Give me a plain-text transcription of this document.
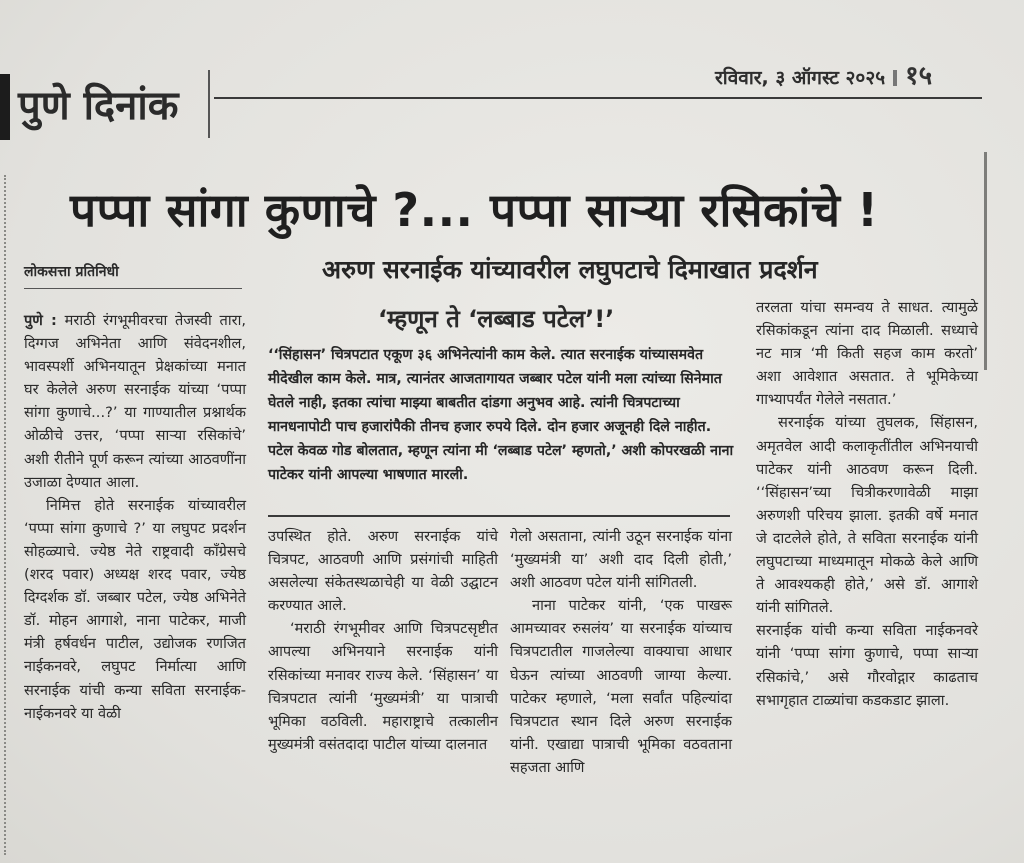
पुणे दिनांक
रविवार, ३ ऑगस्ट २०२५ १५
पप्पा सांगा कुणाचे ?... पप्पा साऱ्या रसिकांचे !
लोकसत्ता प्रतिनिधी	अरुण सरनाईक यांच्यावरील लघुपटाचे दिमाखात प्रदर्शन
‘म्हणून ते ‘लब्बाड पटेल’!’
‘‘सिंहासन’ चित्रपटात एकूण ३६ अभिनेत्यांनी काम केले. त्यात सरनाईक यांच्यासमवेत मीदेखील काम केले. मात्र, त्यानंतर आजतागायत जब्बार पटेल यांनी मला त्यांच्या सिनेमात घेतले नाही, इतका त्यांचा माझ्या बाबतीत दांडगा अनुभव आहे. त्यांनी चित्रपटाच्या मानधनापोटी पाच हजारांपैकी तीनच हजार रुपये दिले. दोन हजार अजूनही दिले नाहीत. पटेल केवळ गोड बोलतात, म्हणून त्यांना मी ‘लब्बाड पटेल’ म्हणतो,’ अशी कोपरखळी नाना पाटेकर यांनी आपल्या भाषणात मारली.

पुणे : मराठी रंगभूमीवरचा तेजस्वी तारा, दिग्गज अभिनेता आणि संवेदनशील, भावस्पर्शी अभिनयातून प्रेक्षकांच्या मनात घर केलेले अरुण सरनाईक यांच्या ‘पप्पा सांगा कुणाचे...?’ या गाण्यातील प्रश्नार्थक ओळीचे उत्तर, ‘पप्पा साऱ्या रसिकांचे’ अशी रीतीने पूर्ण करून त्यांच्या आठवणींना उजाळा देण्यात आला.

निमित्त होते सरनाईक यांच्यावरील ‘पप्पा सांगा कुणाचे ?’ या लघुपट प्रदर्शन सोहळ्याचे. ज्येष्ठ नेते राष्ट्रवादी काँग्रेसचे (शरद पवार) अध्यक्ष शरद पवार, ज्येष्ठ दिग्दर्शक डॉ. जब्बार पटेल, ज्येष्ठ अभिनेते डॉ. मोहन आगाशे, नाना पाटेकर, माजी मंत्री हर्षवर्धन पाटील, उद्योजक रणजित नाईकनवरे, लघुपट निर्मात्या आणि सरनाईक यांची कन्या सविता सरनाईक-नाईकनवरे या वेळी

उपस्थित होते. अरुण सरनाईक यांचे चित्रपट, आठवणी आणि प्रसंगांची माहिती असलेल्या संकेतस्थळाचेही या वेळी उद्घाटन करण्यात आले.

‘मराठी रंगभूमीवर आणि चित्रपटसृष्टीत आपल्या अभिनयाने सरनाईक यांनी रसिकांच्या मनावर राज्य केले. ‘सिंहासन’ या चित्रपटात त्यांनी ‘मुख्यमंत्री’ या पात्राची भूमिका वठविली. महाराष्ट्राचे तत्कालीन मुख्यमंत्री वसंतदादा पाटील यांच्या दालनात

गेलो असताना, त्यांनी उठून सरनाईक यांना ‘मुख्यमंत्री या’ अशी दाद दिली होती,’ अशी आठवण पटेल यांनी सांगितली.

नाना पाटेकर यांनी, ‘एक पाखरू आमच्यावर रुसलंय’ या सरनाईक यांच्याच चित्रपटातील गाजलेल्या वाक्याचा आधार घेऊन त्यांच्या आठवणी जाग्या केल्या. पाटेकर म्हणाले, ‘मला सर्वांत पहिल्यांदा चित्रपटात स्थान दिले अरुण सरनाईक यांनी. एखाद्या पात्राची भूमिका वठवताना सहजता आणि

तरलता यांचा समन्वय ते साधत. त्यामुळे रसिकांकडून त्यांना दाद मिळाली. सध्याचे नट मात्र ‘मी किती सहज काम करतो’ अशा आवेशात असतात. ते भूमिकेच्या गाभ्यापर्यंत गेलेले नसतात.’

सरनाईक यांच्या तुघलक, सिंहासन, अमृतवेल आदी कलाकृतींतील अभिनयाची पाटेकर यांनी आठवण करून दिली. ‘‘सिंहासन’च्या चित्रीकरणावेळी माझा अरुणशी परिचय झाला. इतकी वर्षे मनात जे दाटलेले होते, ते सविता सरनाईक यांनी लघुपटाच्या माध्यमातून मोकळे केले आणि ते आवश्यकही होते,’ असे डॉ. आगाशे यांनी सांगितले.

सरनाईक यांची कन्या सविता नाईकनवरे यांनी ‘पप्पा सांगा कुणाचे, पप्पा साऱ्या रसिकांचे,’ असे गौरवोद्गार काढताच सभागृहात टाळ्यांचा कडकडाट झाला.
